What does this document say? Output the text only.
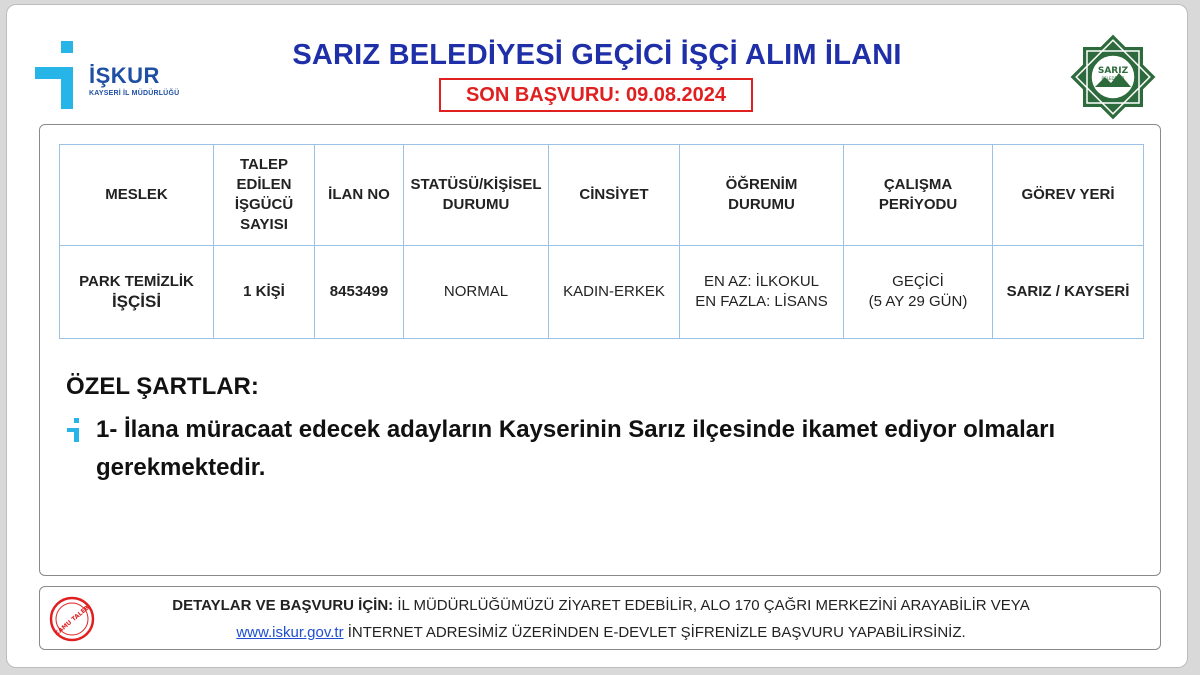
İŞKUR
KAYSERİ İL MÜDÜRLÜĞÜ
SARIZ BELEDİYESİ GEÇİCİ İŞÇİ ALIM İLANI
SON BAŞVURU: 09.08.2024
SARIZ
BELEDİYESİ
1946
MESLEK	TALEP
EDİLEN
İŞGÜCÜ
SAYISI	İLAN NO	STATÜSÜ/KİŞİSEL
DURUMU	CİNSİYET	ÖĞRENİM
DURUMU	ÇALIŞMA
PERİYODU	GÖREV YERİ
PARK TEMİZLİK
İŞÇİSİ	1 KİŞİ	8453499	NORMAL	KADIN-ERKEK	EN AZ: İLKOKUL
EN FAZLA: LİSANS	GEÇİCİ
(5 AY 29 GÜN)	SARIZ / KAYSERİ
ÖZEL ŞARTLAR:
1- İlana müracaat edecek adayların Kayserinin Sarız ilçesinde ikamet ediyor olmaları gerekmektedir.
KAMU TALEBİ	DETAYLAR VE BAŞVURU İÇİN: İL MÜDÜRLÜĞÜMÜZÜ ZİYARET EDEBİLİR, ALO 170 ÇAĞRI MERKEZİNİ ARAYABİLİR VEYA
www.iskur.gov.tr İNTERNET ADRESİMİZ ÜZERİNDEN E-DEVLET ŞİFRENİZLE BAŞVURU YAPABİLİRSİNİZ.
